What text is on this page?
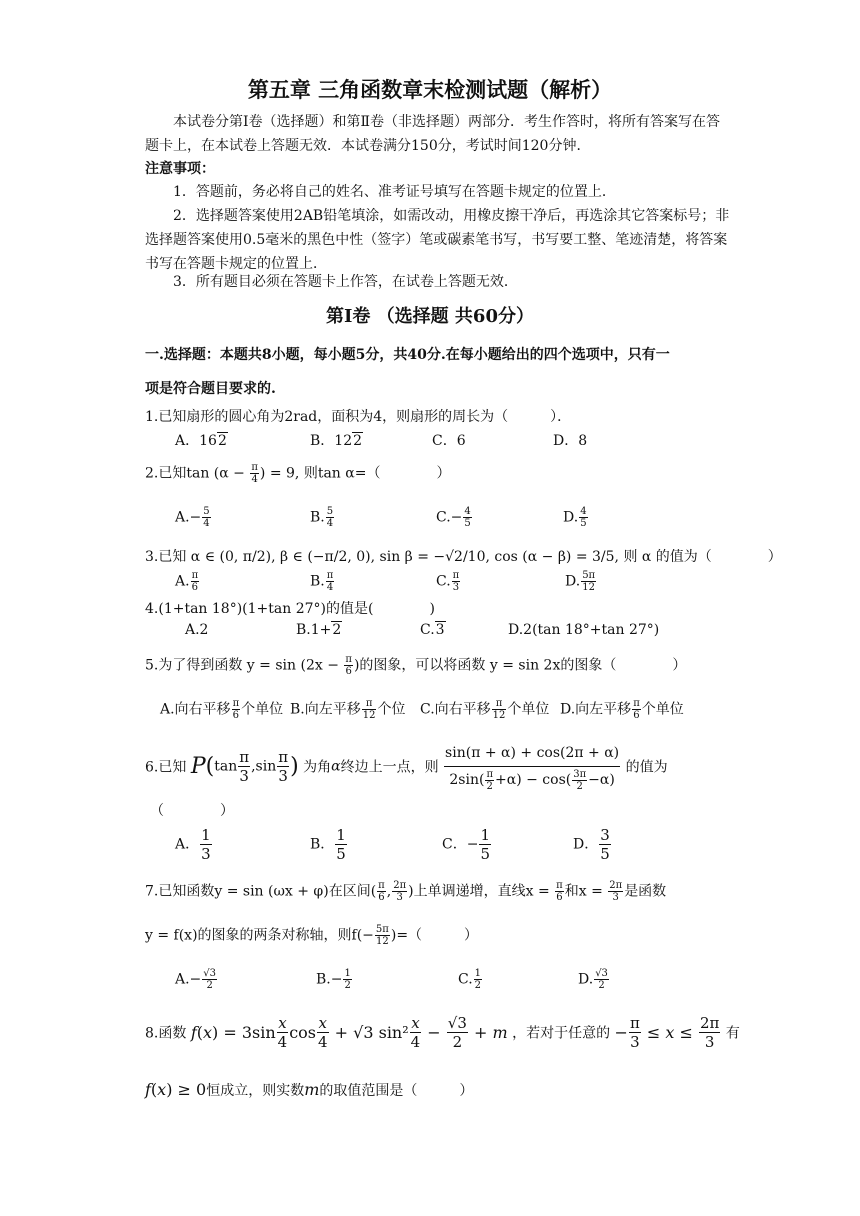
第五章 三角函数章末检测试题（解析）
本试卷分第Ⅰ卷（选择题）和第Ⅱ卷（非选择题）两部分．考生作答时，将所有答案写在答题卡上，在本试卷上答题无效．本试卷满分150分，考试时间120分钟．
注意事项：
1．答题前，务必将自己的姓名、准考证号填写在答题卡规定的位置上．
2．选择题答案使用2AB铅笔填涂，如需改动，用橡皮擦干净后，再选涂其它答案标号；非选择题答案使用0.5毫米的黑色中性（签字）笔或碳素笔书写，书写要工整、笔迹清楚，将答案书写在答题卡规定的位置上．
3．所有题目必须在答题卡上作答，在试卷上答题无效．
第Ⅰ卷 （选择题 共60分）
一.选择题：本题共8小题，每小题5分，共40分.在每小题给出的四个选项中，只有一
项是符合题目要求的.
1.已知扇形的圆心角为2rad，面积为4，则扇形的周长为（　　　）．
A．162	B．122	C．6	D．8
2.已知$\tan (\alpha - \frac{\pi}{4}$ ) = 9, 则tan α=（　　　　）
$A.- \frac{5}{4}$	B. $\frac{5}{4}$	$C.- \frac{4}{5}$	D. $\frac{4}{5}$
3.已知 α ∈ (0, π/2), β ∈ (−π/2, 0), sin β = −√2/10, cos (α − β) = 3/5, 则 α 的值为（　　　　）
A. $\frac{\pi}{6}$	B. $\frac{\pi}{4}$	C. $\frac{\pi}{3}$	D. $\frac{5\pi}{12}$
4.(1+tan 18°)(1+tan 27°)的值是(　　　　)
A.2	B.1+2	C.3	D.2(tan 18°+tan 27°)
5.为了得到函数 $y = \sin (2x - \frac{\pi}{6}$ )的图象，可以将函数 y = sin 2x的图象（　　　　）
A.向右平移 $\frac{\pi}{6}$ 个单位 B.向左平移 $\frac{\pi}{12}$ 个位 C.向右平移 $\frac{\pi}{12}$ 个单位 D.向左平移 $\frac{\pi}{6}$ 个单位
6.已知 $P(\tan \frac{\pi}{3} ,\sin \frac{\pi}{3}$ ) 为角α终边上一点，则 $\frac{\sin(\pi + \alpha) + \cos(2\pi + \alpha)}{2\sin( \frac{\pi}{2} +\alpha) - \cos( \frac{3\pi}{2} -\alpha)}$ 的值为
（　　　　）
A． $\frac{1}{3}$	B． $\frac{1}{5}$	C．− $\frac{1}{5}$	D． $\frac{3}{5}$
7.已知函数y = sin (ωx + φ)在区间( $\frac{\pi}{6}$ , $\frac{2\pi}{3}$ )上单调递增，直线$x = \frac{\pi}{6}$ 和$x = \frac{2\pi}{3}$ 是函数
y = f(x)的图象的两条对称轴，则$f(- \frac{5\pi}{12}$ )=（　　　）
$A.- \frac{√3}{2}$	$B.- \frac{1}{2}$	C. $\frac{1}{2}$	D. $\frac{√3}{2}$
8.函数 $f(x) = 3\sin \frac{x}{4}$ $\cos \frac{x}{4} + √3$ $\sin^2 \frac{x}{4} - \frac{√3}{2} + m$ ，若对于任意的 − $\frac{\pi}{3} \le x \le \frac{2\pi}{3}$ 有
f(x) ≥ 0恒成立，则实数m的取值范围是（　　　）
